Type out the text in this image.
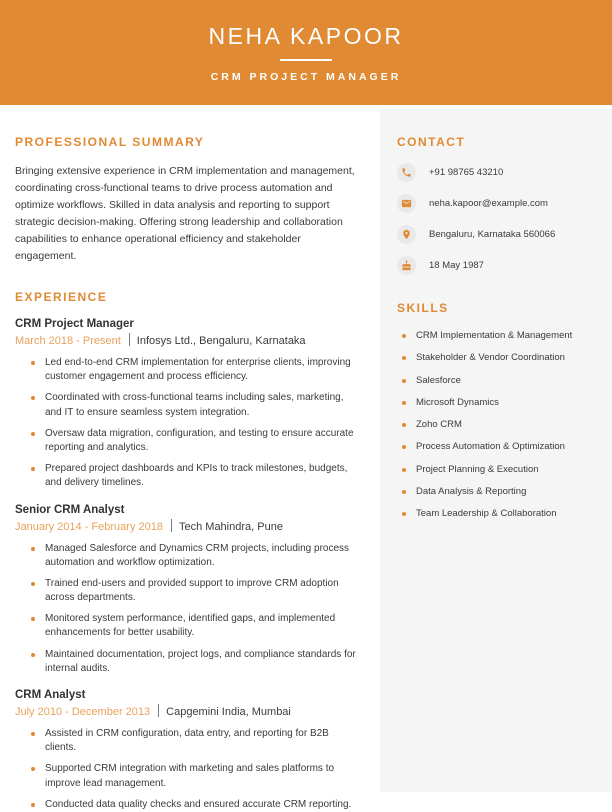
NEHA KAPOOR
CRM PROJECT MANAGER
PROFESSIONAL SUMMARY

Bringing extensive experience in CRM implementation and management, coordinating cross-functional teams to drive process automation and optimize workflows. Skilled in data analysis and reporting to support strategic decision-making. Offering strong leadership and collaboration capabilities to enhance operational efficiency and stakeholder engagement.

EXPERIENCE
CRM Project Manager
March 2018 - Present Infosys Ltd., Bengaluru, Karnataka
Led end-to-end CRM implementation for enterprise clients, improving customer engagement and process efficiency.
Coordinated with cross-functional teams including sales, marketing, and IT to ensure seamless system integration.
Oversaw data migration, configuration, and testing to ensure accurate reporting and analytics.
Prepared project dashboards and KPIs to track milestones, budgets, and delivery timelines.
Senior CRM Analyst
January 2014 - February 2018 Tech Mahindra, Pune
Managed Salesforce and Dynamics CRM projects, including process automation and workflow optimization.
Trained end-users and provided support to improve CRM adoption across departments.
Monitored system performance, identified gaps, and implemented enhancements for better usability.
Maintained documentation, project logs, and compliance standards for internal audits.
CRM Analyst
July 2010 - December 2013 Capgemini India, Mumbai
Assisted in CRM configuration, data entry, and reporting for B2B clients.
Supported CRM integration with marketing and sales platforms to improve lead management.
Conducted data quality checks and ensured accurate CRM reporting.
CONTACT
+91 98765 43210
neha.kapoor@example.com
Bengaluru, Karnataka 560066
18 May 1987
SKILLS
CRM Implementation & Management
Stakeholder & Vendor Coordination
Salesforce
Microsoft Dynamics
Zoho CRM
Process Automation & Optimization
Project Planning & Execution
Data Analysis & Reporting
Team Leadership & Collaboration
